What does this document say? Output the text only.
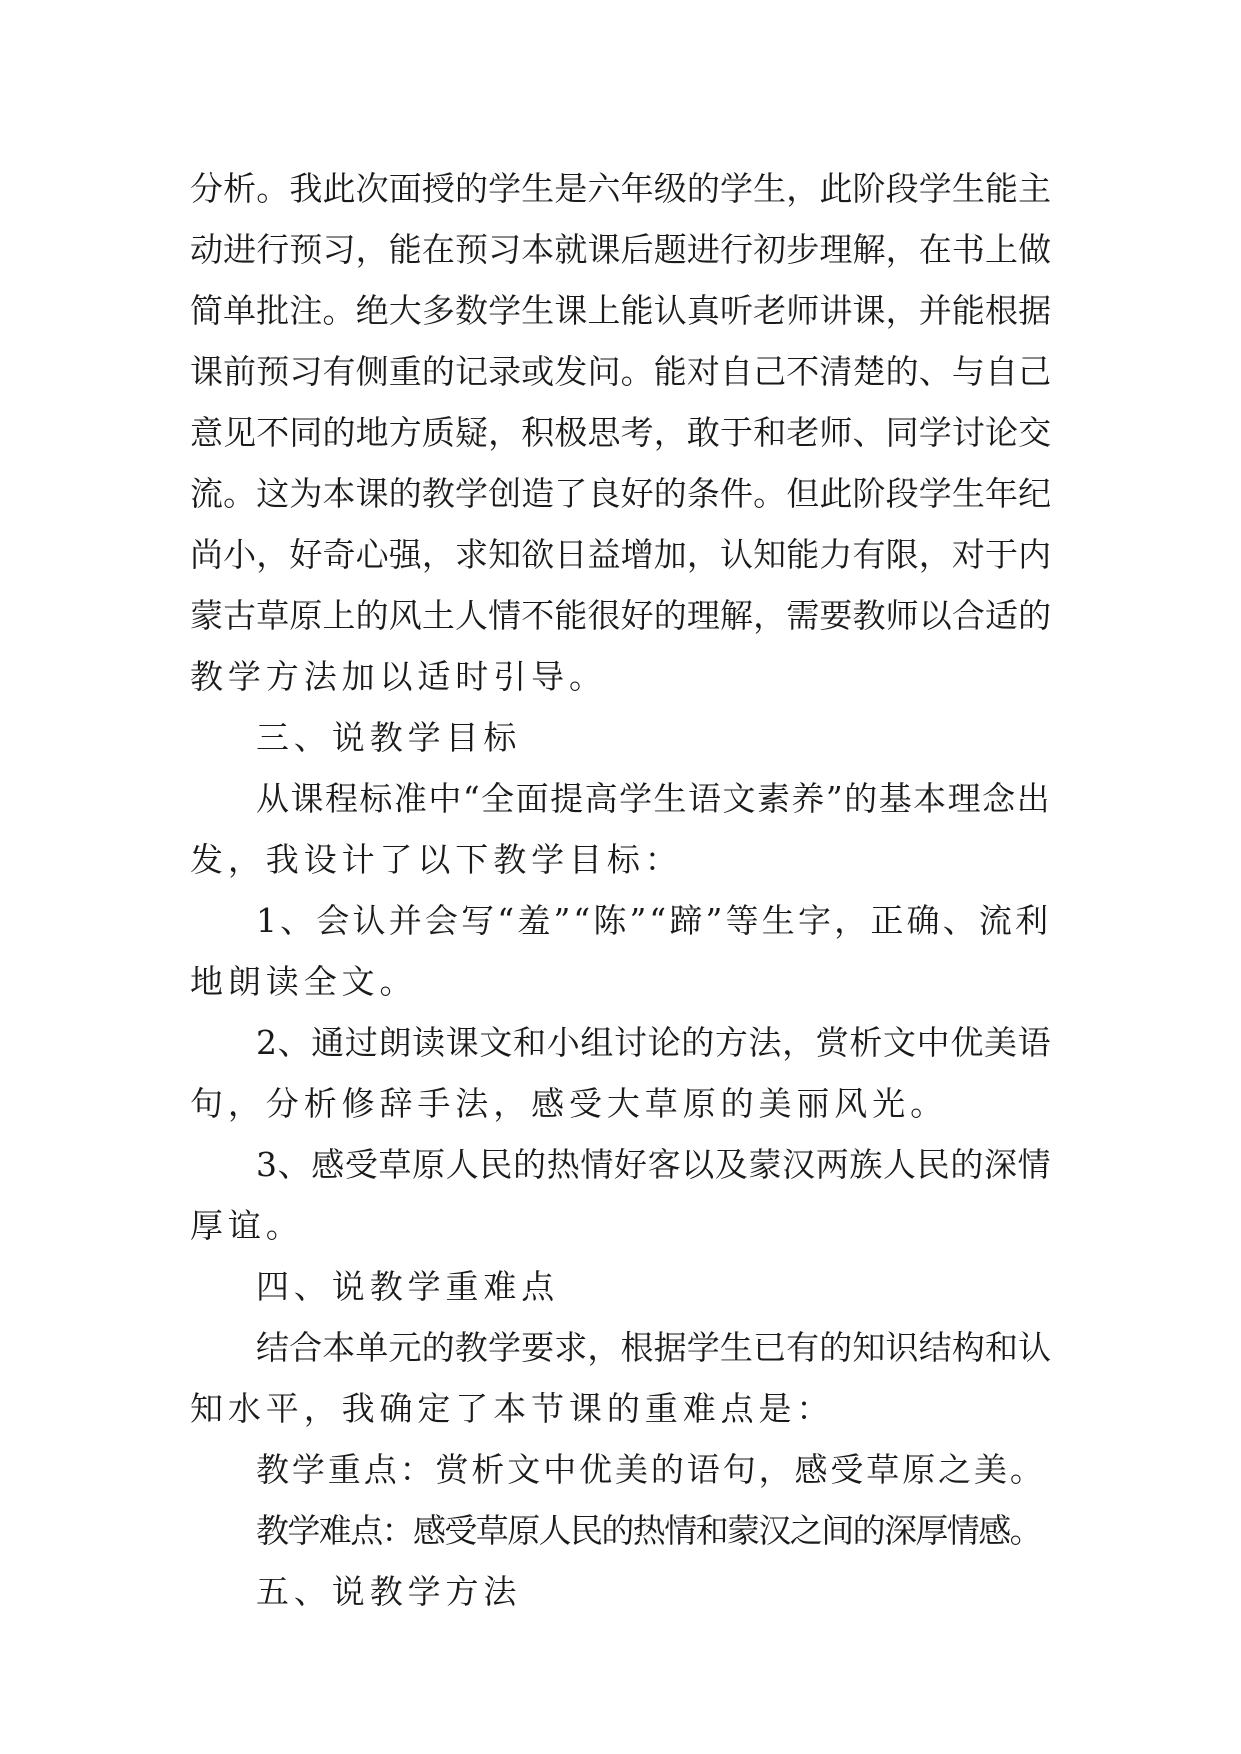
分析。我此次面授的学生是六年级的学生，此阶段学生能主
动进行预习，能在预习本就课后题进行初步理解，在书上做
简单批注。绝大多数学生课上能认真听老师讲课，并能根据
课前预习有侧重的记录或发问。能对自己不清楚的、与自己
意见不同的地方质疑，积极思考，敢于和老师、同学讨论交
流。这为本课的教学创造了良好的条件。但此阶段学生年纪
尚小，好奇心强，求知欲日益增加，认知能力有限，对于内
蒙古草原上的风土人情不能很好的理解，需要教师以合适的
教学方法加以适时引导。
三、说教学目标
从课程标准中“全面提高学生语文素养”的基本理念出
发，我设计了以下教学目标：
1、会认并会写“羞”“陈”“蹄”等生字，正确、流利
地朗读全文。
2、通过朗读课文和小组讨论的方法，赏析文中优美语
句，分析修辞手法，感受大草原的美丽风光。
3、感受草原人民的热情好客以及蒙汉两族人民的深情
厚谊。
四、说教学重难点
结合本单元的教学要求，根据学生已有的知识结构和认
知水平，我确定了本节课的重难点是：
教学重点：赏析文中优美的语句，感受草原之美。
教学难点：感受草原人民的热情和蒙汉之间的深厚情感。
五、说教学方法
